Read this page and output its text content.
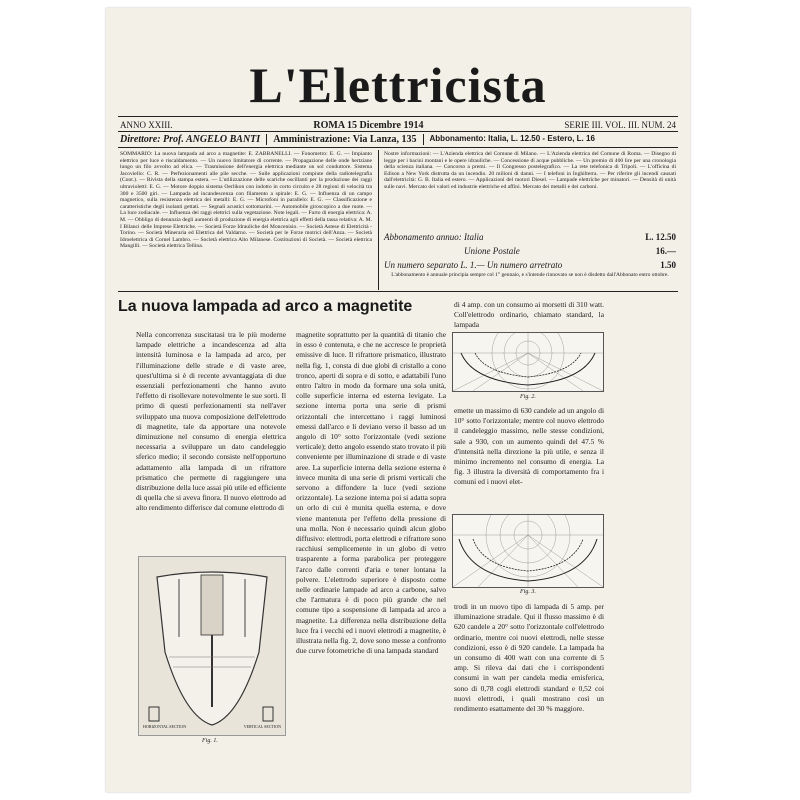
L'Elettricista
ANNO XXIII.	ROMA 15 Dicembre 1914	SERIE III. VOL. III. NUM. 24
Direttore: Prof. ANGELO BANTI Amministrazione: Via Lanza, 135 Abbonamento: Italia, L. 12.50 - Estero, L. 16
SOMMARIO: La nuova lampada ad arco a magnetite: E. ZABBANELLI. — Fonometro: E. G. — Impianto elettrico per luce e riscaldamento. — Un nuovo limitatore di corrente. — Propagazione delle onde hertziane lungo un filo avvolto ad elica. — Trasmissione dell'energia elettrica mediante un sol conduttore. Sistema Jacoviello: C. R. — Perfezionamenti alle pile secche. — Sulle applicazioni compiute della radiotelegrafia (Cont.). — Rivista della stampa estera. — L'utilizzazione delle scariche oscillanti per la produzione dei raggi ultravioletti: E. G. — Motore doppio sistema Oerlikon con indotto in corto circuito e 28 regioni di velocità tra 300 e 3500 giri. — Lampada ad incandescenza con filamento a spirale: E. G. — Influenza di un campo magnetico, sulla resistenza elettrica dei metalli: E. G. — Microfoni in parallelo: E. G. — Classificazione e caratteristiche degli isolanti gettati. — Segnali acustici sottomarini. — Automobile giroscopico a due ruote. — La luce zodiacale. — Influenza dei raggi elettrici sulla vegetazione. Note legali. — Furto di energia elettrica: A. M. — Obbligo di denunzia degli aumenti di produzione di energia elettrica agli effetti della tassa relativa: A. M. I Bilanci delle Imprese Elettriche. — Società Forze Idrauliche del Moncenisio. — Società Astese di Elettricità - Torino. — Società Mineraria ed Elettrica del Valdarno. — Società per le Forze motrici dell'Anza. — Società Idroelettrica di Cornel Lambro. — Società elettrica Alto Milanese. Costituzioni di Società. — Società elettrica Mangilli. — Società elettrica Tellina.
Nostre informazioni: — L'Azienda elettrica del Comune di Milano. — L'Azienda elettrica del Comune di Roma. — Disegno di legge per i bacini montani e le opere idrauliche. — Concessione di acque pubbliche. — Un premio di 400 lire per una cronologia della scienza italiana. — Concorso a premi. — Il Congresso postelegrafico. — La rete telefonica di Tripoli. — L'officina di Edison a New York distrutta da un incendio. 20 milioni di danni. — I telefoni in Inghilterra. — Per riferire gli incendi causati dall'elettricità: G. B. Italia ed estero. — Applicazioni del motori Diesel. — Lampade elettriche per minatori. — Densità di unità sulle navi. Mercato dei valori ed industrie elettriche ed affini. Mercato dei metalli e dei carboni.
Abbonamento annuo: Italia	L. 12.50
Unione Postale	16.—
Un numero separato L. 1.— Un numero arretrato	1.50
L'abbonamento è annuale principia sempre col 1° gennaio, e s'intende rinnovato se non è disdetto dall'Abbonato entro ottobre.
La nuova lampada ad arco a magnetite
Nella concorrenza suscitatasi tra le più moderne lampade elettriche a incandescenza ad alta intensità luminosa e la lampada ad arco, per l'illuminazione delle strade e di vaste aree, quest'ultima si è di recente avvantaggiata di due essenziali perfezionamenti che hanno avuto l'effetto di risollevare notevolmente le sue sorti. Il primo di questi perfezionamenti sta nell'aver sviluppato una nuova composizione dell'elettrodo di magnetite, tale da apportare una notevole diminuzione nel consumo di energia elettrica necessaria a sviluppare un dato candeleggio sferico medio; il secondo consiste nell'opportuno adattamento alla lampada di un rifrattore prismatico che permette di raggiungere una distribuzione della luce assai più utile ed efficiente di quella che si aveva finora. Il nuovo elettrodo ad alto rendimento differisce dal comune elettrodo di
HORIZONTAL SECTION	VERTICAL SECTION
Fig. 1.
magnetite soprattutto per la quantità di titanio che in esso è contenuta, e che ne accresce le proprietà emissive di luce. Il rifrattore prismatico, illustrato nella fig. 1, consta di due globi di cristallo a cono tronco, aperti di sopra e di sotto, e adattabili l'uno entro l'altro in modo da formare una sola unità, colle superficie interna ed esterna levigate. La sezione interna porta una serie di prismi orizzontali che intercettano i raggi luminosi emessi dall'arco e li deviano verso il basso ad un angolo di 10° sotto l'orizzontale (vedi sezione verticale); detto angolo essendo stato trovato il più conveniente per illuminazione di strade e di vaste aree. La superficie interna della sezione esterna è invece munita di una serie di prismi verticali che servono a diffondere la luce (vedi sezione orizzontale). La sezione interna poi si adatta sopra un orlo di cui è munita quella esterna, e dove viene mantenuta per l'effetto della pressione di una molla. Non è necessario quindi alcun globo diffusivo: elettrodi, porta elettrodi e rifrattore sono racchiusi semplicemente in un globo di vetro trasparente a forma parabolica per proteggere l'arco dalle correnti d'aria e tener lontana la polvere. L'elettrodo superiore è disposto come nelle ordinarie lampade ad arco a carbone, salvo che l'armatura è di poco più grande che nel comune tipo a sospensione di lampada ad arco a magnetite. La differenza nella distribuzione della luce fra i vecchi ed i nuovi elettrodi a magnetite, è illustrata nella fig. 2, dove sono messe a confronto due curve fotometriche di una lampada standard
di 4 amp. con un consumo ai morsetti di 310 watt. Coll'elettrodo ordinario, chiamato standard, la lampada
Fig. 2.
emette un massimo di 630 candele ad un angolo di 10° sotto l'orizzontale; mentre col nuovo elettrodo il candeleggio massimo, nelle stesse condizioni, sale a 930, con un aumento quindi del 47.5 % d'intensità nella direzione la più utile, e senza il minimo incremento nel consumo di energia. La fig. 3 illustra la diversità di comportamento fra i comuni ed i nuovi elet-
Fig. 3.
trodi in un nuovo tipo di lampada di 5 amp. per illuminazione stradale. Qui il flusso massimo è di 620 candele a 20° sotto l'orizzontale coll'elettrodo ordinario, mentre coi nuovi elettrodi, nelle stesse condizioni, esso è di 920 candele. La lampada ha un consumo di 400 watt con una corrente di 5 amp. Si rileva dai dati che i corrispondenti consumi in watt per candela media emisferica, sono di 0,78 cogli elettrodi standard e 0,52 coi nuovi elettrodi, i quali mostrano così un rendimento esattamente del 30 % maggiore.
